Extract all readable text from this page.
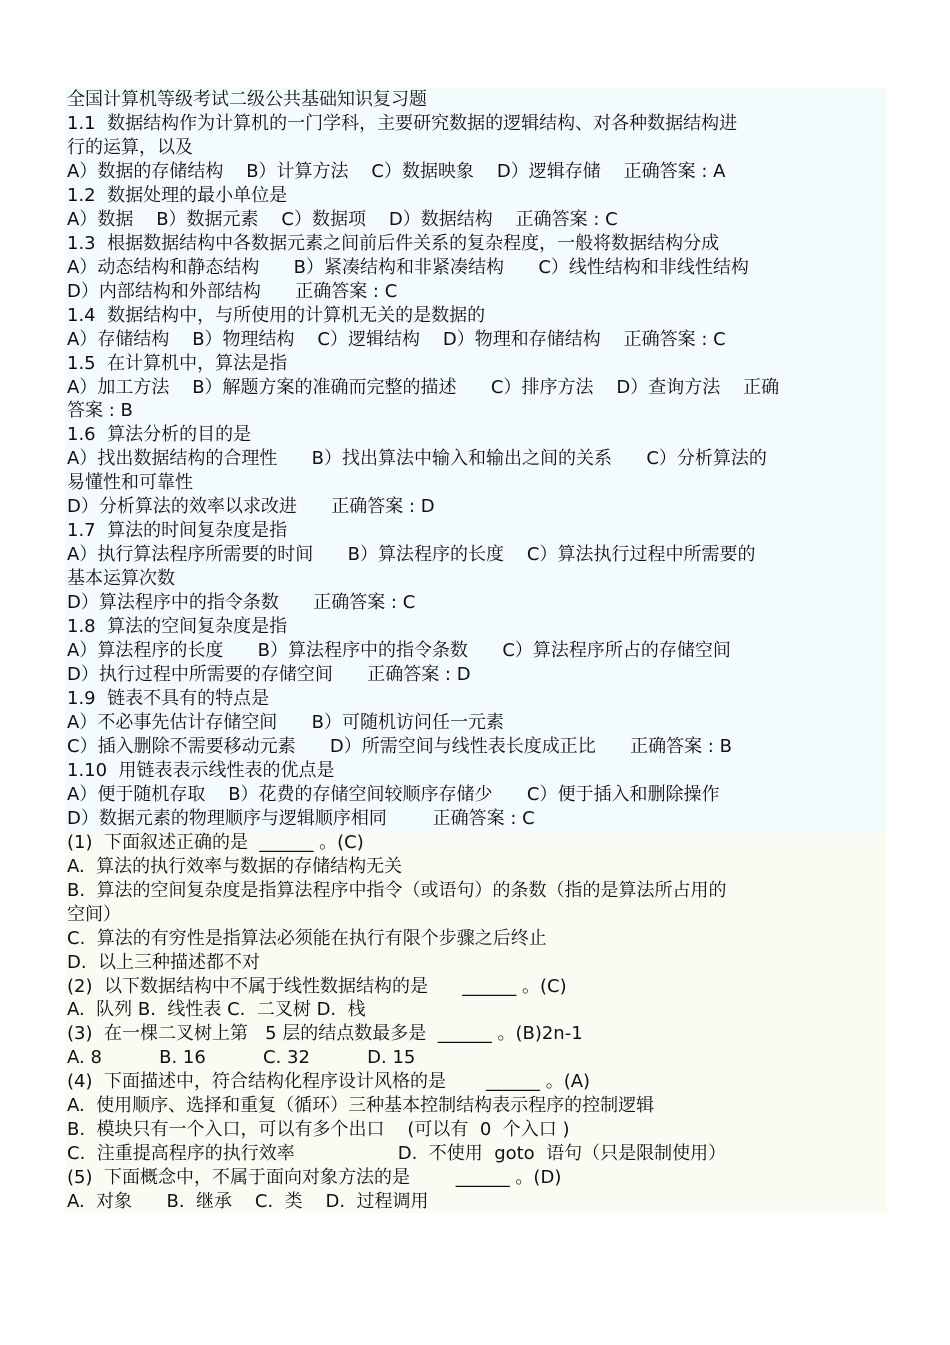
全国计算机等级考试二级公共基础知识复习题
1.1  数据结构作为计算机的一门学科，主要研究数据的逻辑结构、对各种数据结构进
行的运算，以及
A）数据的存储结构    B）计算方法    C）数据映象    D）逻辑存储    正确答案 : A
1.2  数据处理的最小单位是
A）数据    B）数据元素    C）数据项    D）数据结构    正确答案 : C
1.3  根据数据结构中各数据元素之间前后件关系的复杂程度，一般将数据结构分成
A）动态结构和静态结构      B）紧凑结构和非紧凑结构      C）线性结构和非线性结构
D）内部结构和外部结构      正确答案 : C
1.4  数据结构中，与所使用的计算机无关的是数据的
A）存储结构    B）物理结构    C）逻辑结构    D）物理和存储结构    正确答案 : C
1.5  在计算机中，算法是指
A）加工方法    B）解题方案的准确而完整的描述      C）排序方法    D）查询方法    正确
答案 : B
1.6  算法分析的目的是
A）找出数据结构的合理性      B）找出算法中输入和输出之间的关系      C）分析算法的
易懂性和可靠性
D）分析算法的效率以求改进      正确答案 : D
1.7  算法的时间复杂度是指
A）执行算法程序所需要的时间      B）算法程序的长度    C）算法执行过程中所需要的
基本运算次数
D）算法程序中的指令条数      正确答案 : C
1.8  算法的空间复杂度是指
A）算法程序的长度      B）算法程序中的指令条数      C）算法程序所占的存储空间
D）执行过程中所需要的存储空间      正确答案 : D
1.9  链表不具有的特点是
A）不必事先估计存储空间      B）可随机访问任一元素
C）插入删除不需要移动元素      D）所需空间与线性表长度成正比      正确答案 : B
1.10  用链表表示线性表的优点是
A）便于随机存取    B）花费的存储空间较顺序存储少      C）便于插入和删除操作
D）数据元素的物理顺序与逻辑顺序相同        正确答案 : C
(1)  下面叙述正确的是  ______ 。(C)
A.  算法的执行效率与数据的存储结构无关
B.  算法的空间复杂度是指算法程序中指令（或语句）的条数（指的是算法所占用的
空间）
C.  算法的有穷性是指算法必须能在执行有限个步骤之后终止
D.  以上三种描述都不对
(2)  以下数据结构中不属于线性数据结构的是      ______ 。(C)
A.  队列 B.  线性表 C.  二叉树 D.  栈
(3)  在一棵二叉树上第   5 层的结点数最多是  ______ 。(B)2n-1
A. 8          B. 16          C. 32          D. 15
(4)  下面描述中，符合结构化程序设计风格的是       ______ 。(A)
A.  使用顺序、选择和重复（循环）三种基本控制结构表示程序的控制逻辑
B.  模块只有一个入口，可以有多个出口    (可以有  0  个入口 )
C.  注重提高程序的执行效率                  D.  不使用  goto  语句（只是限制使用）
(5)  下面概念中，不属于面向对象方法的是        ______ 。(D)
A.  对象      B.  继承    C.  类    D.  过程调用
